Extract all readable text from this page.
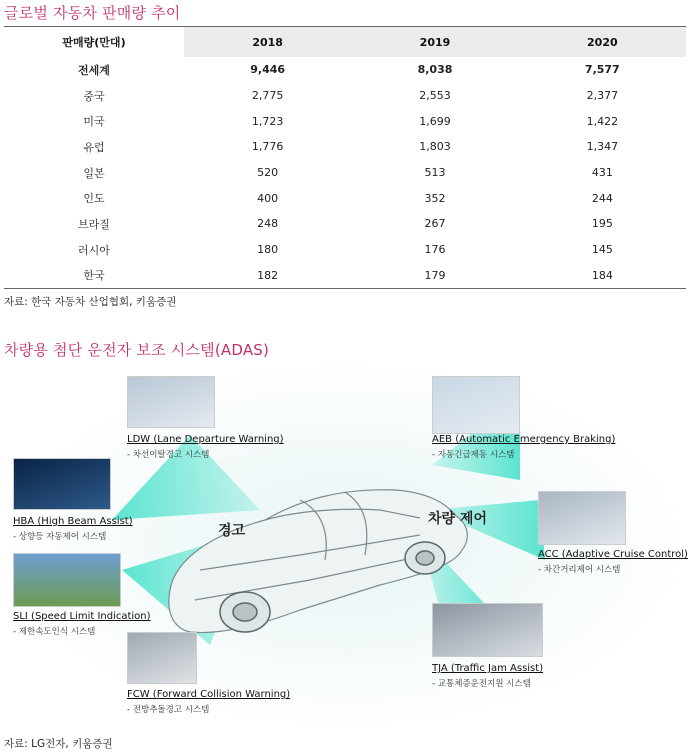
글로벌 자동차 판매량 추이
판매량(만대)	2018	2019	2020
전세계	9,446	8,038	7,577
중국	2,775	2,553	2,377
미국	1,723	1,699	1,422
유럽	1,776	1,803	1,347
일본	520	513	431
인도	400	352	244
브라질	248	267	195
러시아	180	176	145
한국	182	179	184
자료: 한국 자동차 산업협회, 키움증권
차량용 첨단 운전자 보조 시스템(ADAS)
LDW (Lane Departure Warning)
- 차선이탈경고 시스템
HBA (High Beam Assist)
- 상향등 자동제어 시스템
SLI (Speed Limit Indication)
- 제한속도인식 시스템
FCW (Forward Collision Warning)
- 전방추돌경고 시스템
AEB (Automatic Emergency Braking)
- 자동긴급제동 시스템
ACC (Adaptive Cruise Control)
- 차간거리제어 시스템
TJA (Traffic Jam Assist)
- 교통체증운전지원 시스템
경고
차량 제어
자료: LG전자, 키움증권
